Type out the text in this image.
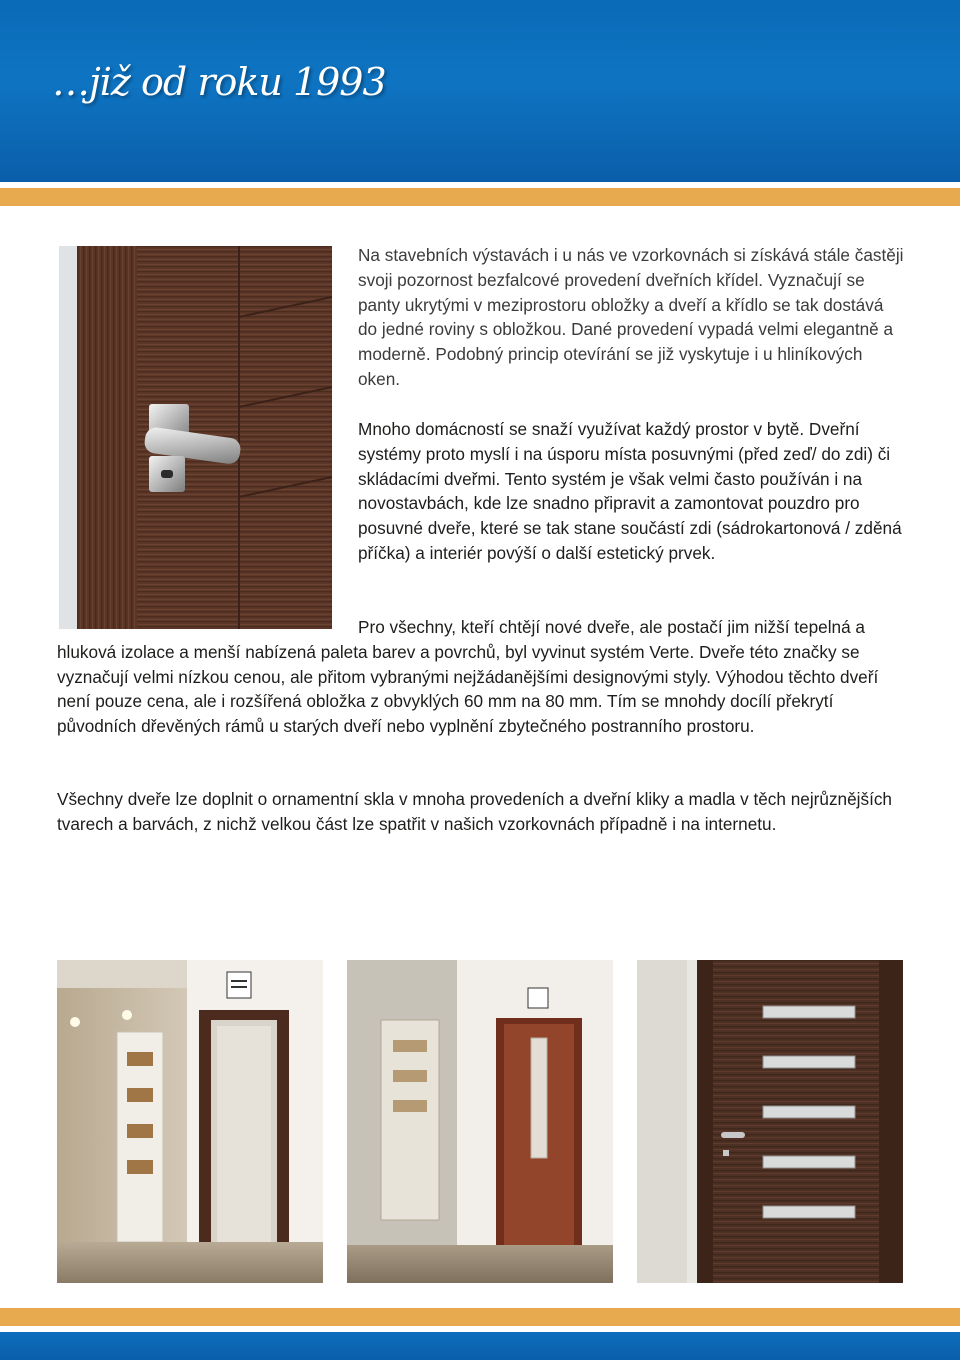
…již od roku 1993

Na stavebních výstavách i u nás ve vzorkovnách si získává stále častěji svoji pozornost bezfalcové provedení dveřních křídel. Vyznačují se panty ukrytými v meziprostoru obložky a dveří a křídlo se tak dostává do jedné roviny s obložkou. Dané provedení vypadá velmi elegantně a moderně. Podobný princip otevírání se již vyskytuje i u hliníkových oken.

Mnoho domácností se snaží využívat každý prostor v bytě. Dveřní systémy proto myslí i na úsporu místa posuvnými (před zeď/ do zdi) či skládacími dveřmi. Tento systém je však velmi často používán i na novostavbách, kde lze snadno připravit a zamontovat pouzdro pro posuvné dveře, které se tak stane součástí zdi (sádrokartonová / zděná příčka) a interiér povýší o další estetický prvek.

Pro všechny, kteří chtějí nové dveře, ale postačí jim nižší tepelná a hluková izolace a menší nabízená paleta barev a povrchů, byl vyvinut systém Verte. Dveře této značky se vyznačují velmi nízkou cenou, ale přitom vybranými nejžádanějšími designovými styly. Výhodou těchto dveří není pouze cena, ale i rozšířená obložka z obvyklých 60 mm na 80 mm. Tím se mnohdy docílí překrytí původních dřevěných rámů u starých dveří nebo vyplnění zbytečného postranního prostoru.

Všechny dveře lze doplnit o ornamentní skla v mnoha provedeních a dveřní kliky a madla v těch nejrůznějších tvarech a barvách, z nichž velkou část lze spatřit v našich vzorkovnách případně i na internetu.
